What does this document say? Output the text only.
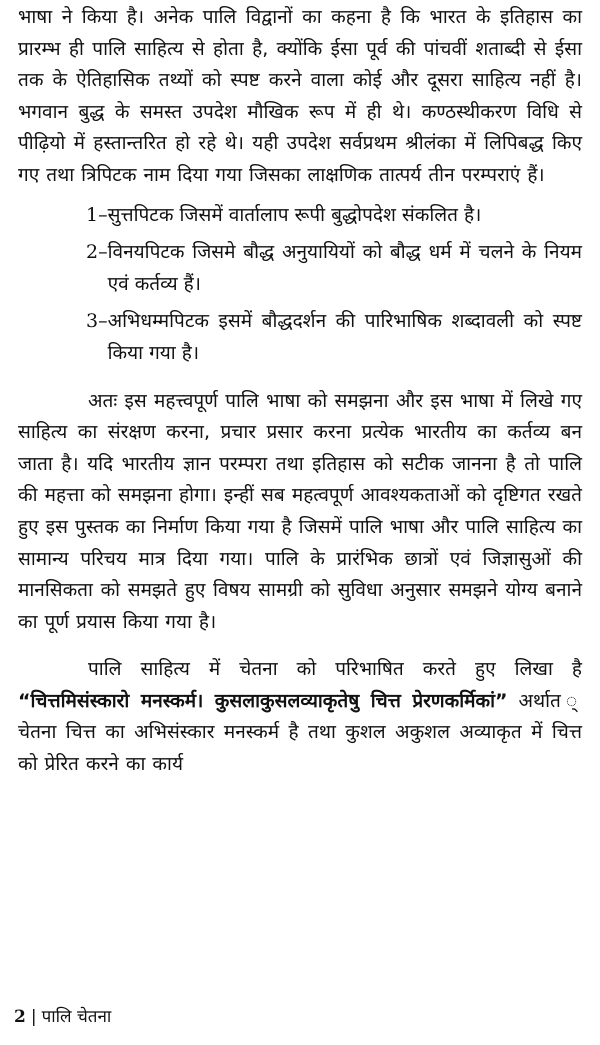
भाषा ने किया है। अनेक पालि विद्वानों का कहना है कि भारत के इतिहास का प्रारम्भ ही पालि साहित्य से होता है, क्योंकि ईसा पूर्व की पांचवीं शताब्दी से ईसा तक के ऐतिहासिक तथ्यों को स्पष्ट करने वाला कोई और दूसरा साहित्य नहीं है। भगवान बुद्ध के समस्त उपदेश मौखिक रूप में ही थे। कण्ठस्थीकरण विधि से पीढ़ियो में हस्तान्तरित हो रहे थे। यही उपदेश सर्वप्रथम श्रीलंका में लिपिबद्ध किए गए तथा त्रिपिटक नाम दिया गया जिसका लाक्षणिक तात्पर्य तीन परम्पराएं हैं।

1– सुत्तपिटक जिसमें वार्तालाप रूपी बुद्धोपदेश संकलित है।
2– विनयपिटक जिसमे बौद्ध अनुयायियों को बौद्ध धर्म में चलने के नियम एवं कर्तव्य हैं।
3– अभिधम्मपिटक इसमें बौद्धदर्शन की पारिभाषिक शब्दावली को स्पष्ट किया गया है।

अतः इस महत्त्वपूर्ण पालि भाषा को समझना और इस भाषा में लिखे गए साहित्य का संरक्षण करना, प्रचार प्रसार करना प्रत्येक भारतीय का कर्तव्य बन जाता है। यदि भारतीय ज्ञान परम्परा तथा इतिहास को सटीक जानना है तो पालि की महत्ता को समझना होगा। इन्हीं सब महत्वपूर्ण आवश्यकताओं को दृष्टिगत रखते हुए इस पुस्तक का निर्माण किया गया है जिसमें पालि भाषा और पालि साहित्य का सामान्य परिचय मात्र दिया गया। पालि के प्रारंभिक छात्रों एवं जिज्ञासुओं की मानसिकता को समझते हुए विषय सामग्री को सुविधा अनुसार समझने योग्य बनाने का पूर्ण प्रयास किया गया है।

पालि साहित्य में चेतना को परिभाषित करते हुए लिखा है “चित्तमिसंस्कारो मनस्कर्म। कुसलाकुसलव्याकृतेषु चित्त प्रेरणकर्मिकां” अर्थात ् चेतना चित्त का अभिसंस्कार मनस्कर्म है तथा कुशल अकुशल अव्याकृत में चित्त को प्रेरित करने का कार्य

2 | पालि चेतना
